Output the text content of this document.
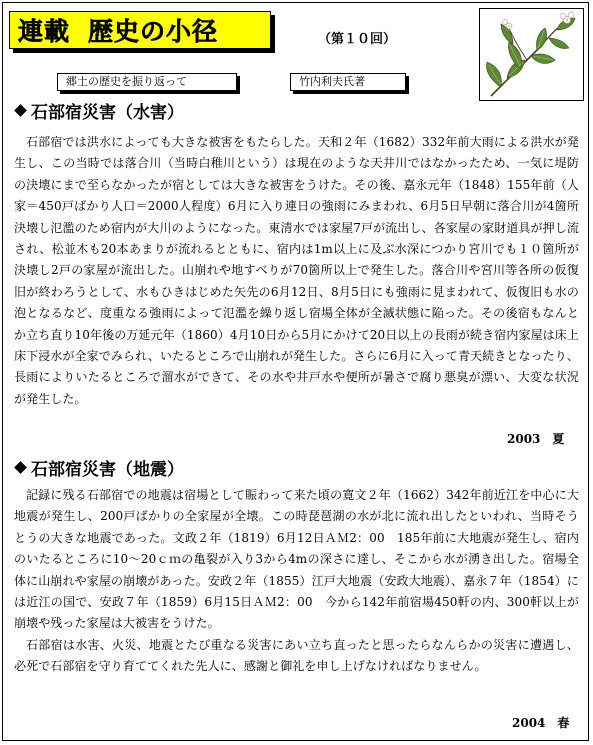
連載 歴史の小径	（第１０回）
郷土の歴史を振り返って	竹内利夫氏著
石部宿災害（水害）

石部宿では洪水によっても大きな被害をもたらした。天和２年（1682）332年前大雨による洪水が発生し、この当時では落合川（当時白稚川という）は現在のような天井川ではなかったため、一気に堤防の決壊にまで至らなかったが宿としては大きな被害をうけた。その後、嘉永元年（1848）155年前（人家＝450戸ばかり人口＝2000人程度）6月に入り連日の強雨にみまわれ、6月5日早朝に落合川が4箇所決壊し氾濫のため宿内が大川のようになった。東清水では家屋7戸が流出し、各家屋の家財道具が押し流され、松並木も20本あまりが流れるとともに、宿内は1m以上に及ぶ水深につかり宮川でも１０箇所が決壊し2戸の家屋が流出した。山崩れや地すべりが70箇所以上で発生した。落合川や宮川等各所の仮復旧が終わろうとして、水もひきはじめた矢先の6月12日、8月5日にも強雨に見まわれて、仮復旧も水の泡となるなど、度重なる強雨によって氾濫を繰り返し宿場全体が全滅状態に陥った。その後宿もなんとか立ち直り10年後の万延元年（1860）4月10日から5月にかけて20日以上の長雨が続き宿内家屋は床上床下浸水が全家でみられ、いたるところで山崩れが発生した。さらに6月に入って青天続きとなったり、長雨によりいたるところで溜水ができて、その水や井戸水や便所が暑さで腐り悪臭が漂い、大変な状況が発生した。

2003　夏
石部宿災害（地震）

記録に残る石部宿での地震は宿場として賑わって来た頃の寛文２年（1662）342年前近江を中心に大地震が発生し、200戸ばかりの全家屋が全壊。この時琵琶湖の水が北に流れ出したといわれ、当時そうとうの大きな地震であった。文政２年（1819）6月12日ＡＭ2：00　185年前に大地震が発生し、宿内のいたるところに10～20ｃｍの亀裂が入り3から4mの深さに達し、そこから水が湧き出した。宿場全体に山崩れや家屋の崩壊があった。安政２年（1855）江戸大地震（安政大地震）、嘉永７年（1854）には近江の国で、安政７年（1859）6月15日ＡＭ2：00　今から142年前宿場450軒の内、300軒以上が崩壊や残った家屋は大被害をうけた。

石部宿は水害、火災、地震とたび重なる災害にあい立ち直ったと思ったらなんらかの災害に遭遇し、必死で石部宿を守り育ててくれた先人に、感謝と御礼を申し上げなければなりません。

2004　春
